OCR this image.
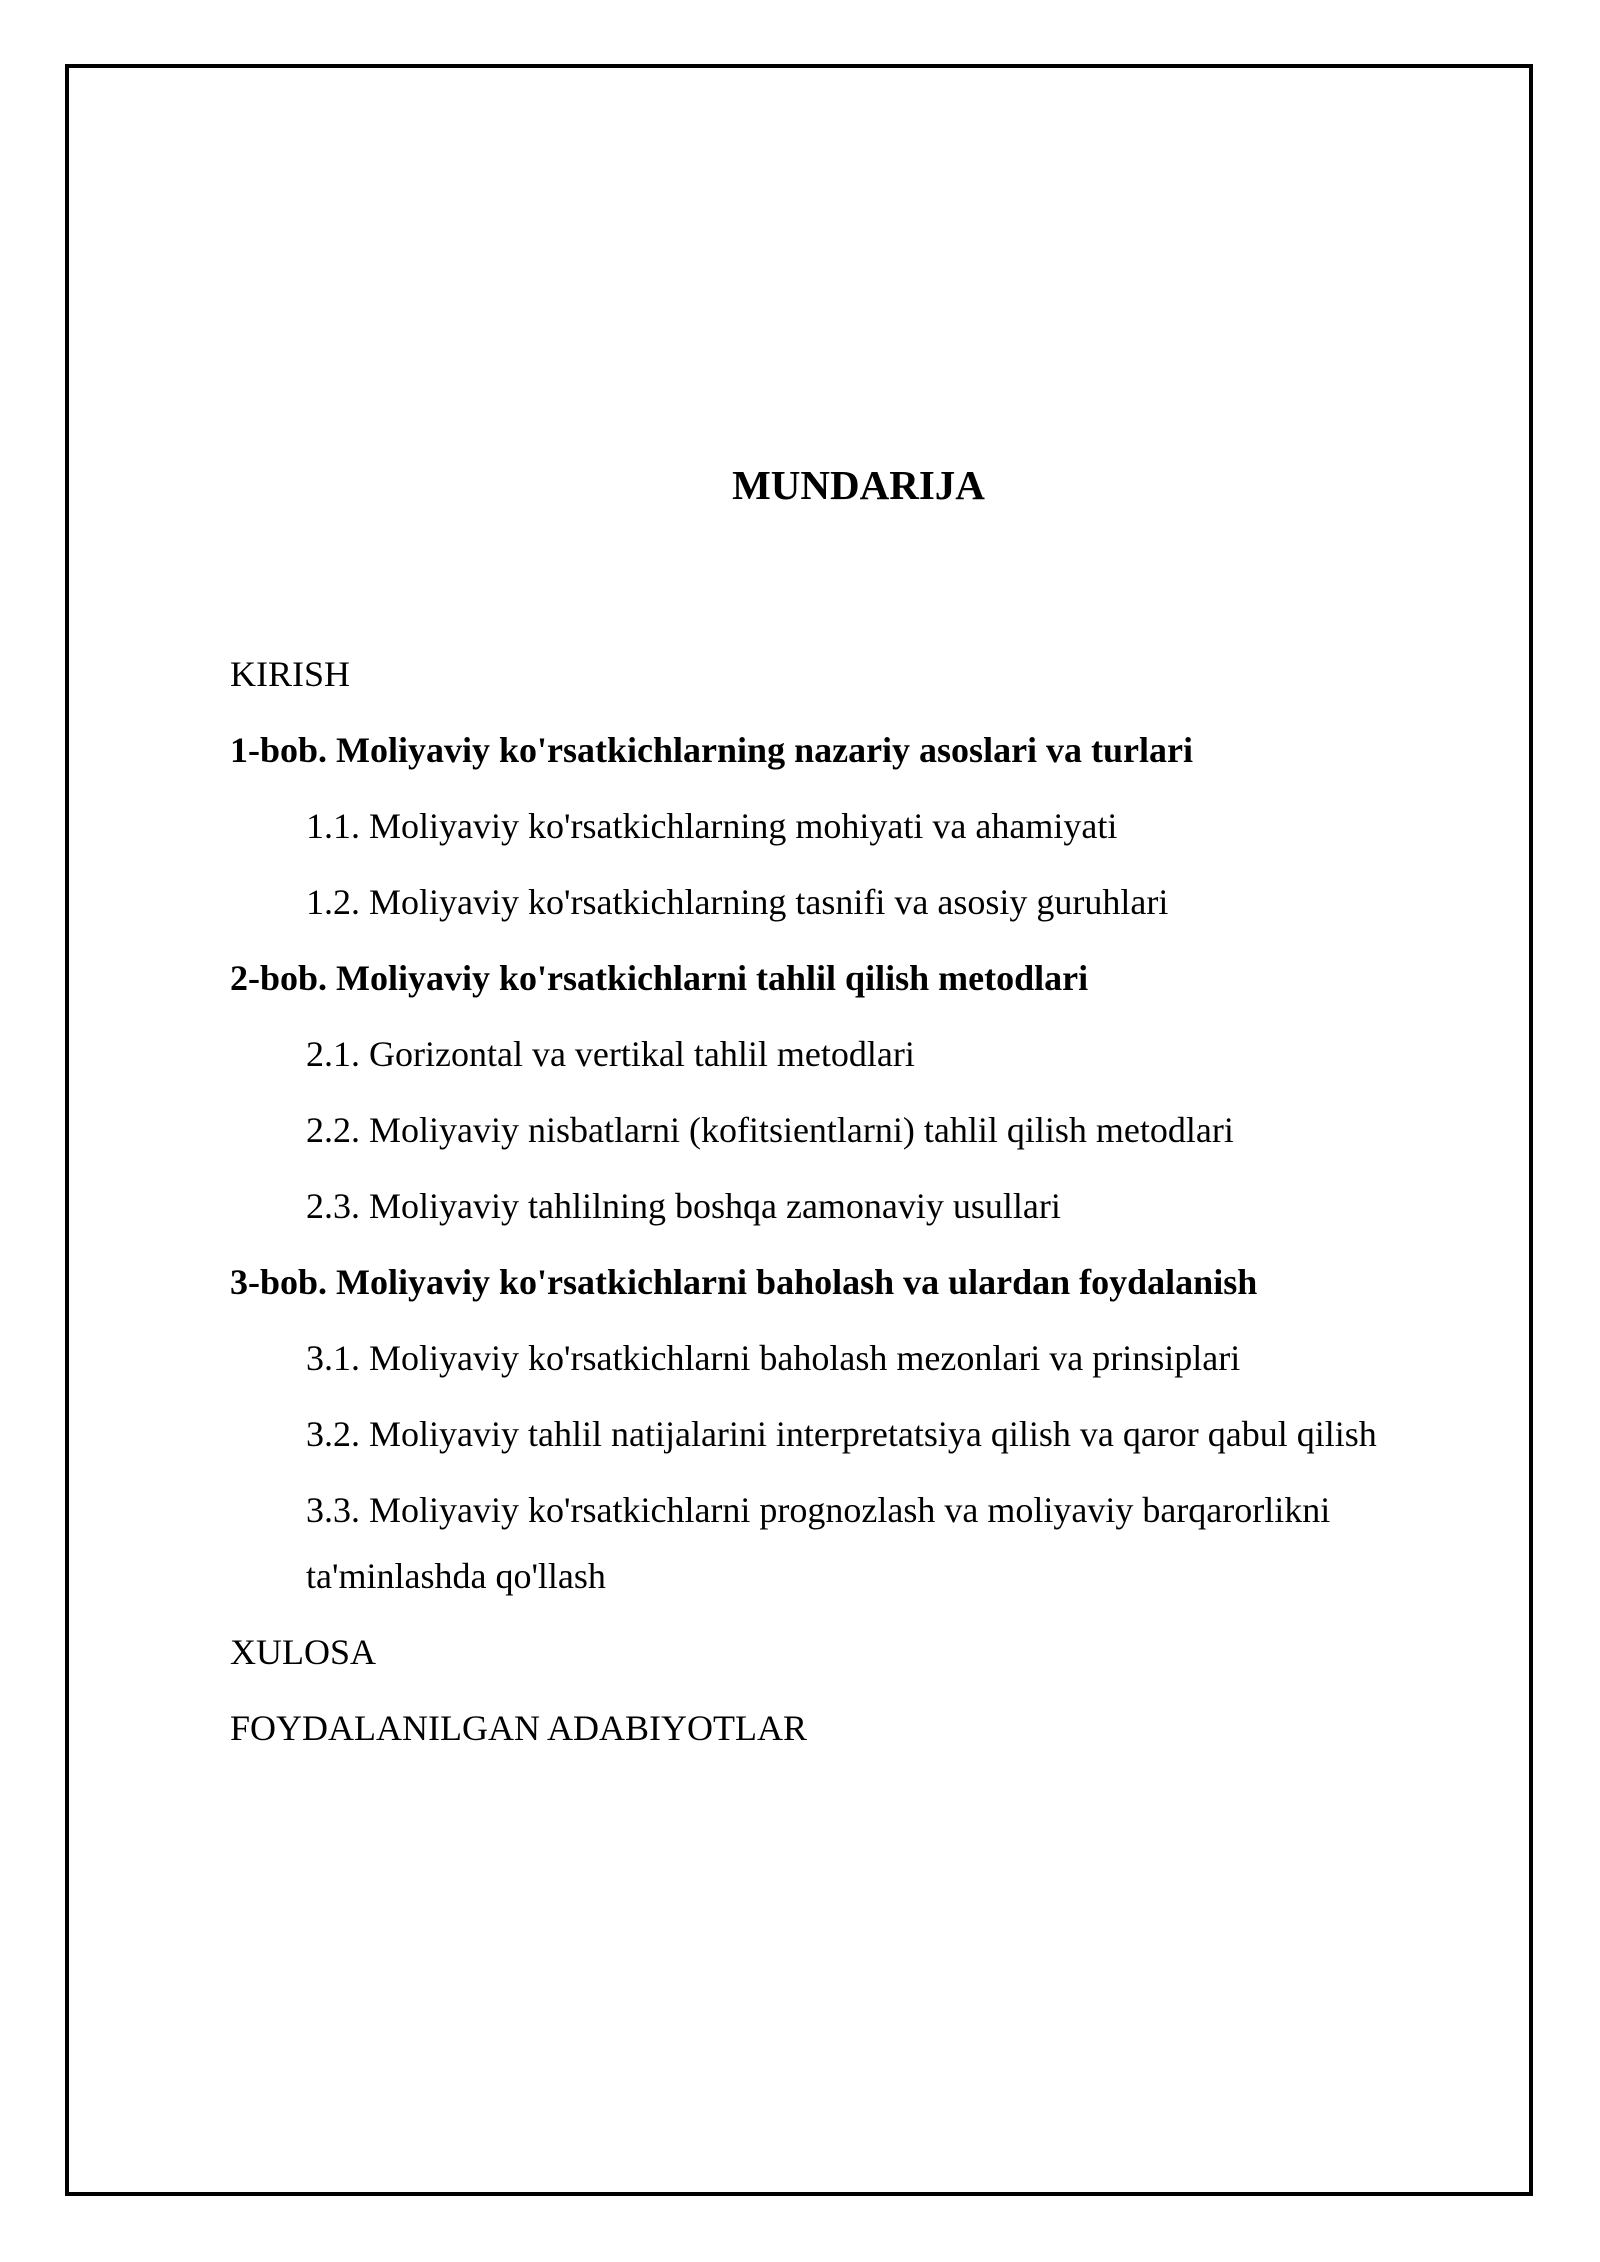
MUNDARIJA
KIRISH
1-bob. Moliyaviy ko'rsatkichlarning nazariy asoslari va turlari
1.1. Moliyaviy ko'rsatkichlarning mohiyati va ahamiyati
1.2. Moliyaviy ko'rsatkichlarning tasnifi va asosiy guruhlari
2-bob. Moliyaviy ko'rsatkichlarni tahlil qilish metodlari
2.1. Gorizontal va vertikal tahlil metodlari
2.2. Moliyaviy nisbatlarni (kofitsientlarni) tahlil qilish metodlari
2.3. Moliyaviy tahlilning boshqa zamonaviy usullari
3-bob. Moliyaviy ko'rsatkichlarni baholash va ulardan foydalanish
3.1. Moliyaviy ko'rsatkichlarni baholash mezonlari va prinsiplari
3.2. Moliyaviy tahlil natijalarini interpretatsiya qilish va qaror qabul qilish
3.3. Moliyaviy ko'rsatkichlarni prognozlash va moliyaviy barqarorlikni ta'minlashda qo'llash
XULOSA
FOYDALANILGAN ADABIYOTLAR
